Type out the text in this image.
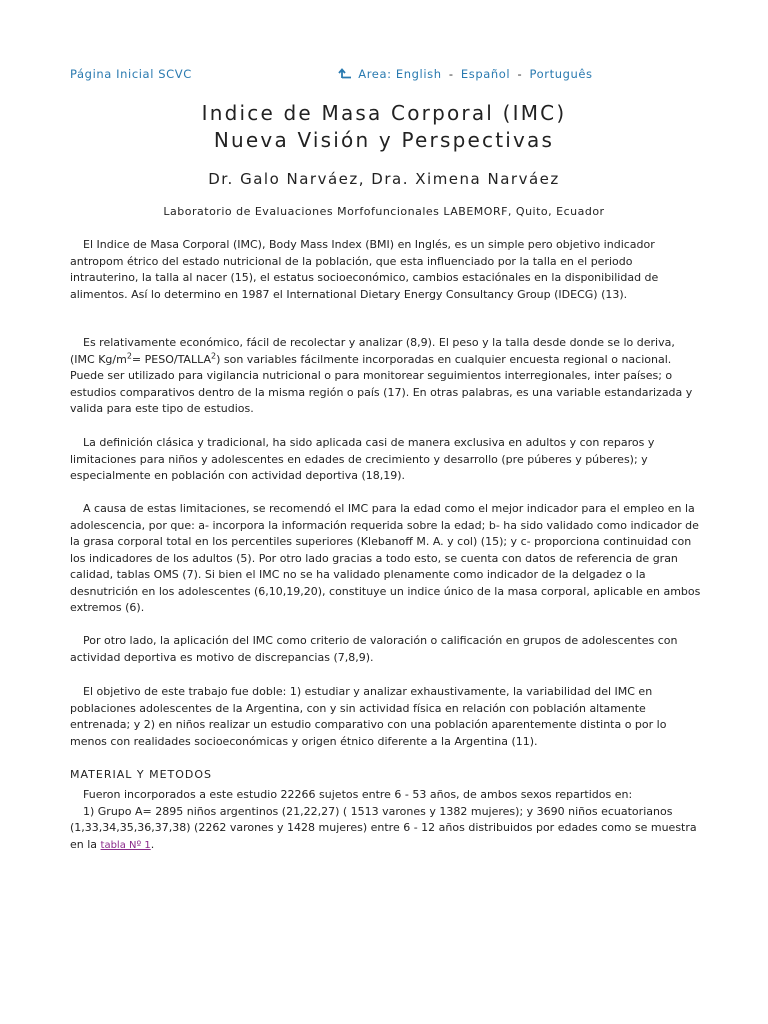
Página Inicial SCVC	Area: English - Español - Português
Indice de Masa Corporal (IMC)
Nueva Visión y Perspectivas
Dr. Galo Narváez, Dra. Ximena Narváez
Laboratorio de Evaluaciones Morfofuncionales LABEMORF, Quito, Ecuador

El Indice de Masa Corporal (IMC), Body Mass Index (BMI) en Inglés, es un simple pero objetivo indicador antropom étrico del estado nutricional de la población, que esta influenciado por la talla en el periodo intrauterino, la talla al nacer (15), el estatus socioeconómico, cambios estaciónales en la disponibilidad de alimentos. Así lo determino en 1987 el International Dietary Energy Consultancy Group (IDECG) (13).

Es relativamente económico, fácil de recolectar y analizar (8,9). El peso y la talla desde donde se lo deriva, (IMC $Kg/m^2=$ PESO/$TALLA^2$) son variables fácilmente incorporadas en cualquier encuesta regional o nacional. Puede ser utilizado para vigilancia nutricional o para monitorear seguimientos interregionales, inter países; o estudios comparativos dentro de la misma región o país (17). En otras palabras, es una variable estandarizada y valida para este tipo de estudios.

La definición clásica y tradicional, ha sido aplicada casi de manera exclusiva en adultos y con reparos y limitaciones para niños y adolescentes en edades de crecimiento y desarrollo (pre púberes y púberes); y especialmente en población con actividad deportiva (18,19).

A causa de estas limitaciones, se recomendó el IMC para la edad como el mejor indicador para el empleo en la adolescencia, por que: a- incorpora la información requerida sobre la edad; b- ha sido validado como indicador de la grasa corporal total en los percentiles superiores (Klebanoff M. A. y col) (15); y c- proporciona continuidad con los indicadores de los adultos (5). Por otro lado gracias a todo esto, se cuenta con datos de referencia de gran calidad, tablas OMS (7). Si bien el IMC no se ha validado plenamente como indicador de la delgadez o la desnutrición en los adolescentes (6,10,19,20), constituye un indice único de la masa corporal, aplicable en ambos extremos (6).

Por otro lado, la aplicación del IMC como criterio de valoración o calificación en grupos de adolescentes con actividad deportiva es motivo de discrepancias (7,8,9).

El objetivo de este trabajo fue doble: 1) estudiar y analizar exhaustivamente, la variabilidad del IMC en poblaciones adolescentes de la Argentina, con y sin actividad física en relación con población altamente entrenada; y 2) en niños realizar un estudio comparativo con una población aparentemente distinta o por lo menos con realidades socioeconómicas y origen étnico diferente a la Argentina (11).

MATERIAL Y METODOS

Fueron incorporados a este estudio 22266 sujetos entre 6 - 53 años, de ambos sexos repartidos en:
1) Grupo A= 2895 niños argentinos (21,22,27) ( 1513 varones y 1382 mujeres); y 3690 niños ecuatorianos (1,33,34,35,36,37,38) (2262 varones y 1428 mujeres) entre 6 - 12 años distribuidos por edades como se muestra en la tabla Nº 1.
